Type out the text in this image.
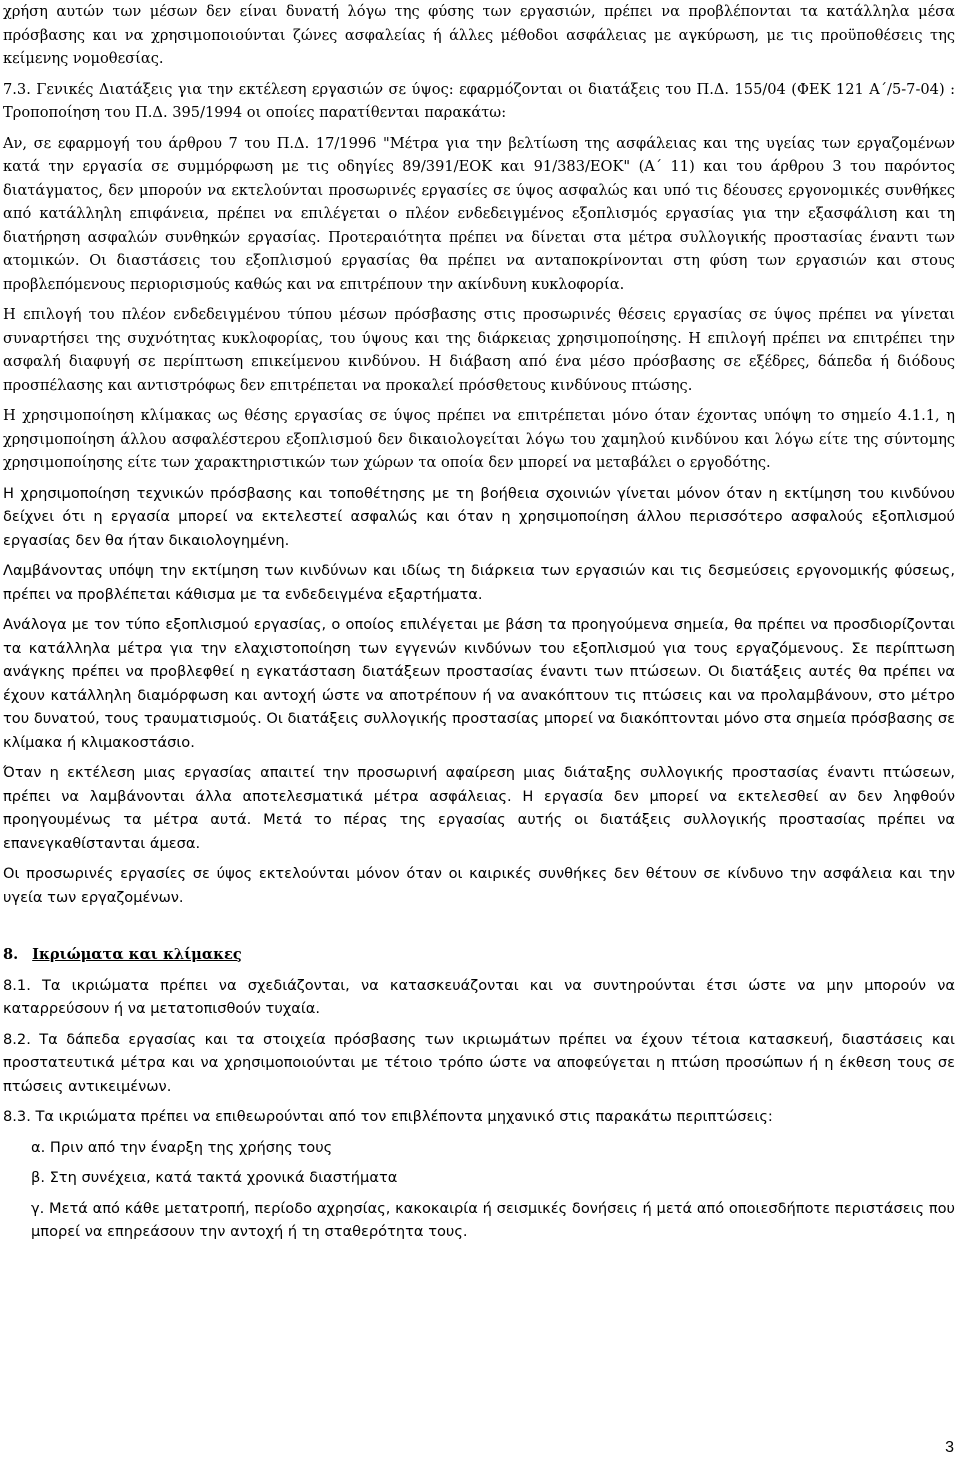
χρήση αυτών των μέσων δεν είναι δυνατή λόγω της φύσης των εργασιών, πρέπει να προβλέπονται τα κατάλληλα μέσα πρόσβασης και να χρησιμοποιούνται ζώνες ασφαλείας ή άλλες μέθοδοι ασφάλειας με αγκύρωση, με τις προϋποθέσεις της κείμενης νομοθεσίας.

7.3. Γενικές Διατάξεις για την εκτέλεση εργασιών σε ύψος: εφαρμόζονται οι διατάξεις του Π.Δ. 155/04 (ΦΕΚ 121 Α΄/5-7-04) : Τροποποίηση του Π.Δ. 395/1994 οι οποίες παρατίθενται παρακάτω:

Αν, σε εφαρμογή του άρθρου 7 του Π.Δ. 17/1996 "Μέτρα για την βελτίωση της ασφάλειας και της υγείας των εργαζομένων κατά την εργασία σε συμμόρφωση με τις οδηγίες 89/391/ΕΟΚ και 91/383/ΕΟΚ" (Α΄ 11) και του άρθρου 3 του παρόντος διατάγματος, δεν μπορούν να εκτελούνται προσωρινές εργασίες σε ύψος ασφαλώς και υπό τις δέουσες εργονομικές συνθήκες από κατάλληλη επιφάνεια, πρέπει να επιλέγεται ο πλέον ενδεδειγμένος εξοπλισμός εργασίας για την εξασφάλιση και τη διατήρηση ασφαλών συνθηκών εργασίας. Προτεραιότητα πρέπει να δίνεται στα μέτρα συλλογικής προστασίας έναντι των ατομικών. Οι διαστάσεις του εξοπλισμού εργασίας θα πρέπει να ανταποκρίνονται στη φύση των εργασιών και στους προβλεπόμενους περιορισμούς καθώς και να επιτρέπουν την ακίνδυνη κυκλοφορία.

Η επιλογή του πλέον ενδεδειγμένου τύπου μέσων πρόσβασης στις προσωρινές θέσεις εργασίας σε ύψος πρέπει να γίνεται συναρτήσει της συχνότητας κυκλοφορίας, του ύψους και της διάρκειας χρησιμοποίησης. Η επιλογή πρέπει να επιτρέπει την ασφαλή διαφυγή σε περίπτωση επικείμενου κινδύνου. Η διάβαση από ένα μέσο πρόσβασης σε εξέδρες, δάπεδα ή διόδους προσπέλασης και αντιστρόφως δεν επιτρέπεται να προκαλεί πρόσθετους κινδύνους πτώσης.

Η χρησιμοποίηση κλίμακας ως θέσης εργασίας σε ύψος πρέπει να επιτρέπεται μόνο όταν έχοντας υπόψη το σημείο 4.1.1, η χρησιμοποίηση άλλου ασφαλέστερου εξοπλισμού δεν δικαιολογείται λόγω του χαμηλού κινδύνου και λόγω είτε της σύντομης χρησιμοποίησης είτε των χαρακτηριστικών των χώρων τα οποία δεν μπορεί να μεταβάλει ο εργοδότης.

Η χρησιμοποίηση τεχνικών πρόσβασης και τοποθέτησης με τη βοήθεια σχοινιών γίνεται μόνον όταν η εκτίμηση του κινδύνου δείχνει ότι η εργασία μπορεί να εκτελεστεί ασφαλώς και όταν η χρησιμοποίηση άλλου περισσότερο ασφαλούς εξοπλισμού εργασίας δεν θα ήταν δικαιολογημένη.

Λαμβάνοντας υπόψη την εκτίμηση των κινδύνων και ιδίως τη διάρκεια των εργασιών και τις δεσμεύσεις εργονομικής φύσεως, πρέπει να προβλέπεται κάθισμα με τα ενδεδειγμένα εξαρτήματα.

Ανάλογα με τον τύπο εξοπλισμού εργασίας, ο οποίος επιλέγεται με βάση τα προηγούμενα σημεία, θα πρέπει να προσδιορίζονται τα κατάλληλα μέτρα για την ελαχιστοποίηση των εγγενών κινδύνων του εξοπλισμού για τους εργαζόμενους. Σε περίπτωση ανάγκης πρέπει να προβλεφθεί η εγκατάσταση διατάξεων προστασίας έναντι των πτώσεων. Οι διατάξεις αυτές θα πρέπει να έχουν κατάλληλη διαμόρφωση και αντοχή ώστε να αποτρέπουν ή να ανακόπτουν τις πτώσεις και να προλαμβάνουν, στο μέτρο του δυνατού, τους τραυματισμούς. Οι διατάξεις συλλογικής προστασίας μπορεί να διακόπτονται μόνο στα σημεία πρόσβασης σε κλίμακα ή κλιμακοστάσιο.

Όταν η εκτέλεση μιας εργασίας απαιτεί την προσωρινή αφαίρεση μιας διάταξης συλλογικής προστασίας έναντι πτώσεων, πρέπει να λαμβάνονται άλλα αποτελεσματικά μέτρα ασφάλειας. Η εργασία δεν μπορεί να εκτελεσθεί αν δεν ληφθούν προηγουμένως τα μέτρα αυτά. Μετά το πέρας της εργασίας αυτής οι διατάξεις συλλογικής προστασίας πρέπει να επανεγκαθίστανται άμεσα.

Οι προσωρινές εργασίες σε ύψος εκτελούνται μόνον όταν οι καιρικές συνθήκες δεν θέτουν σε κίνδυνο την ασφάλεια και την υγεία των εργαζομένων.

8. Ικριώματα και κλίμακες

8.1. Τα ικριώματα πρέπει να σχεδιάζονται, να κατασκευάζονται και να συντηρούνται έτσι ώστε να μην μπορούν να καταρρεύσουν ή να μετατοπισθούν τυχαία.

8.2. Τα δάπεδα εργασίας και τα στοιχεία πρόσβασης των ικριωμάτων πρέπει να έχουν τέτοια κατασκευή, διαστάσεις και προστατευτικά μέτρα και να χρησιμοποιούνται με τέτοιο τρόπο ώστε να αποφεύγεται η πτώση προσώπων ή η έκθεση τους σε πτώσεις αντικειμένων.

8.3. Τα ικριώματα πρέπει να επιθεωρούνται από τον επιβλέποντα μηχανικό στις παρακάτω περιπτώσεις:

α. Πριν από την έναρξη της χρήσης τους

β. Στη συνέχεια, κατά τακτά χρονικά διαστήματα

γ. Μετά από κάθε μετατροπή, περίοδο αχρησίας, κακοκαιρία ή σεισμικές δονήσεις ή μετά από οποιεσδήποτε περιστάσεις που μπορεί να επηρεάσουν την αντοχή ή τη σταθερότητα τους.

3
